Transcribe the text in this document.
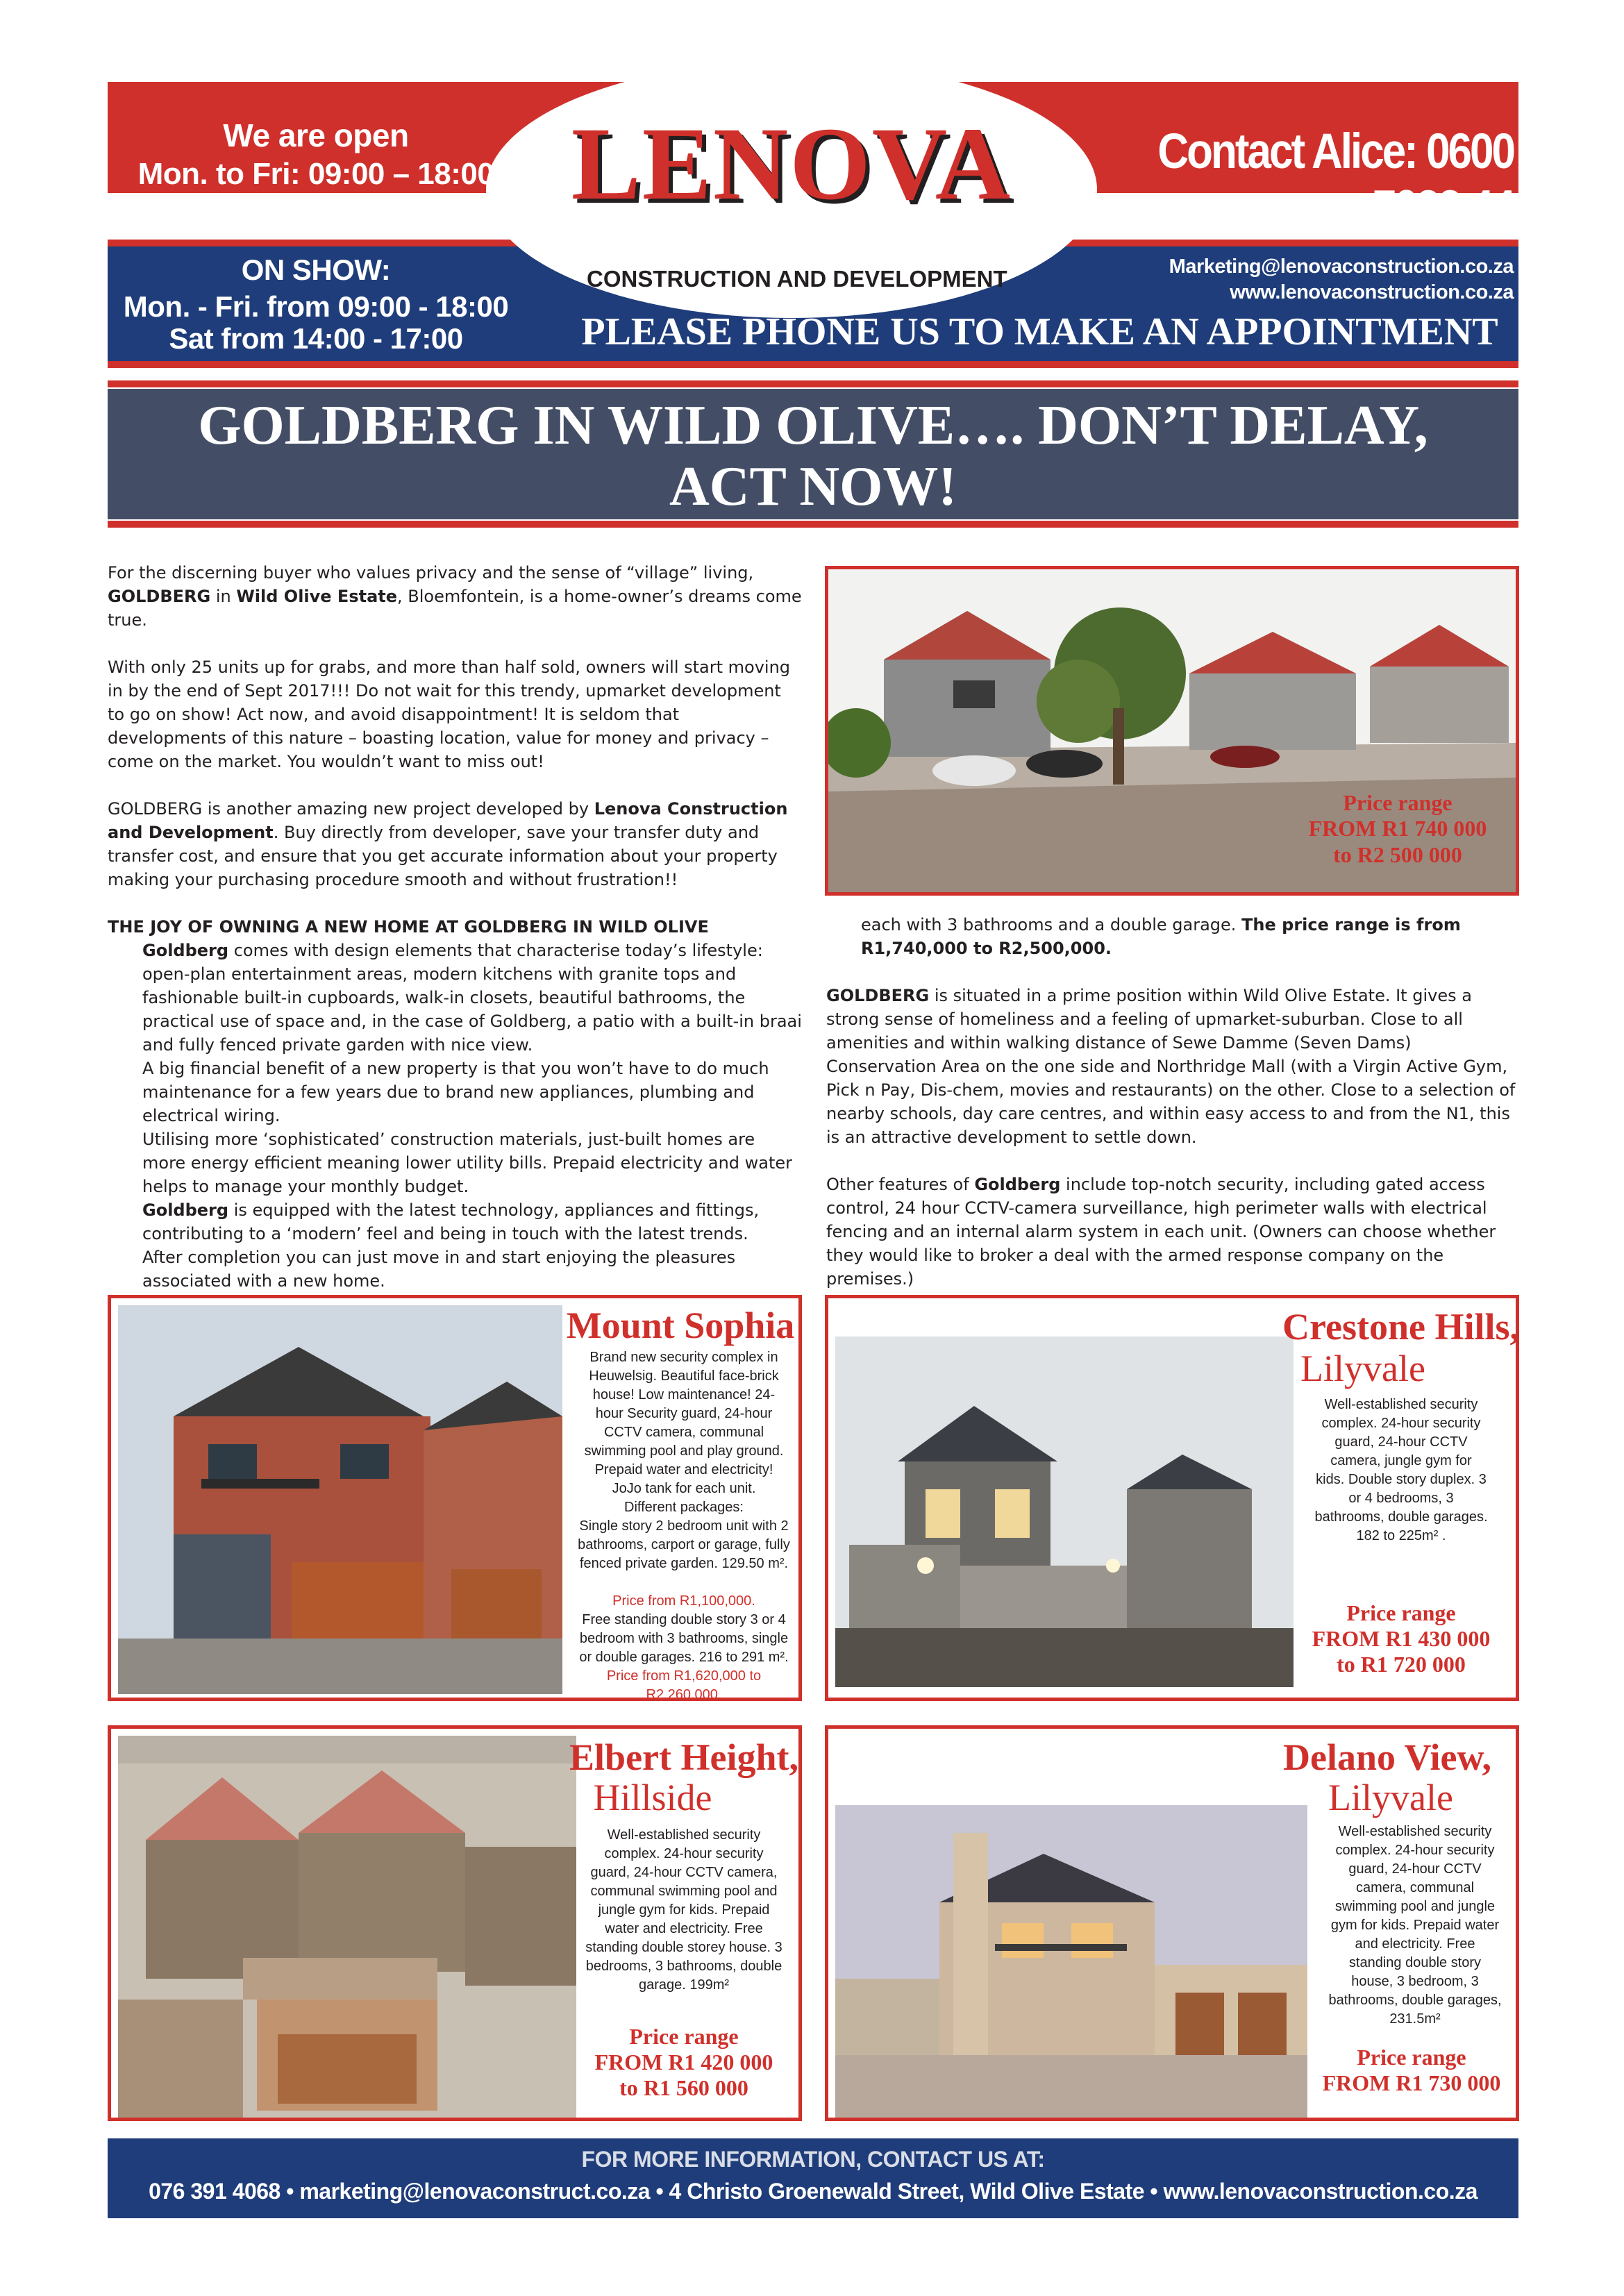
We are open
Mon. to Fri: 09:00 – 18:00 LENOVA
CONSTRUCTION AND DEVELOPMENT
Contact Alice: 0600 7033 44
ON SHOW:
Mon. - Fri. from 09:00 - 18:00
Sat from 14:00 - 17:00
Marketing@lenovaconstruction.co.za
www.lenovaconstruction.co.za
PLEASE PHONE US TO MAKE AN APPOINTMENT
GOLDBERG IN WILD OLIVE…. DON’T DELAY,
ACT NOW!

For the discerning buyer who values privacy and the sense of “village” living,
GOLDBERG in Wild Olive Estate, Bloemfontein, is a home-owner’s dreams come true.

With only 25 units up for grabs, and more than half sold, owners will start moving in by the end of Sept 2017!!! Do not wait for this trendy, upmarket development to go on show! Act now, and avoid disappointment! It is seldom that developments of this nature – boasting location, value for money and privacy – come on the market. You wouldn’t want to miss out!

GOLDBERG is another amazing new project developed by Lenova Construction and Development. Buy directly from developer, save your transfer duty and transfer cost, and ensure that you get accurate information about your property making your purchasing procedure smooth and without frustration!!

THE JOY OF OWNING A NEW HOME AT GOLDBERG IN WILD OLIVE

Goldberg comes with design elements that characterise today’s lifestyle: open-plan entertainment areas, modern kitchens with granite tops and fashionable built-in cupboards, walk-in closets, beautiful bathrooms, the practical use of space and, in the case of Goldberg, a patio with a built-in braai and fully fenced private garden with nice view.

A big financial benefit of a new property is that you won’t have to do much maintenance for a few years due to brand new appliances, plumbing and electrical wiring.

Utilising more ‘sophisticated’ construction materials, just-built homes are more energy efficient meaning lower utility bills. Prepaid electricity and water helps to manage your monthly budget.

Goldberg is equipped with the latest technology, appliances and fittings, contributing to a ‘modern’ feel and being in touch with the latest trends.

After completion you can just move in and start enjoying the pleasures associated with a new home.

Price range
FROM R1 740 000
to R2 500 000

each with 3 bathrooms and a double garage. The price range is from R1,740,000 to R2,500,000.

GOLDBERG is situated in a prime position within Wild Olive Estate. It gives a strong sense of homeliness and a feeling of upmarket-suburban. Close to all amenities and within walking distance of Sewe Damme (Seven Dams) Conservation Area on the one side and Northridge Mall (with a Virgin Active Gym, Pick n Pay, Dis-chem, movies and restaurants) on the other. Close to a selection of nearby schools, day care centres, and within easy access to and from the N1, this is an attractive development to settle down.

Other features of Goldberg include top-notch security, including gated access control, 24 hour CCTV-camera surveillance, high perimeter walls with electrical fencing and an internal alarm system in each unit. (Owners can choose whether they would like to broker a deal with the armed response company on the premises.)

Mount Sophia
Brand new security complex in Heuwelsig. Beautiful face-brick house! Low maintenance! 24-hour Security guard, 24-hour CCTV camera, communal swimming pool and play ground. Prepaid water and electricity! JoJo tank for each unit.
Different packages:
Single story 2 bedroom unit with 2 bathrooms, carport or garage, fully fenced private garden. 129.50 m².
Price from R1,100,000.
Free standing double story 3 or 4 bedroom with 3 bathrooms, single or double garages. 216 to 291 m².
Price from R1,620,000 to R2,260,000.
Crestone Hills,
Lilyvale
Well-established security complex. 24-hour security guard, 24-hour CCTV camera, jungle gym for kids. Double story duplex. 3 or 4 bedrooms, 3 bathrooms, double garages. 182 to 225m² .
Price range
FROM R1 430 000
to R1 720 000
Elbert Height,
Hillside
Well-established security complex. 24-hour security guard, 24-hour CCTV camera, communal swimming pool and jungle gym for kids. Prepaid water and electricity. Free standing double storey house. 3 bedrooms, 3 bathrooms, double garage. 199m²
Price range
FROM R1 420 000
to R1 560 000
Delano View,
Lilyvale
Well-established security complex. 24-hour security guard, 24-hour CCTV camera, communal swimming pool and jungle gym for kids. Prepaid water and electricity. Free standing double story house, 3 bedroom, 3 bathrooms, double garages, 231.5m²
Price range
FROM R1 730 000
FOR MORE INFORMATION, CONTACT US AT:
076 391 4068 • marketing@lenovaconstruct.co.za • 4 Christo Groenewald Street, Wild Olive Estate • www.lenovaconstruction.co.za
